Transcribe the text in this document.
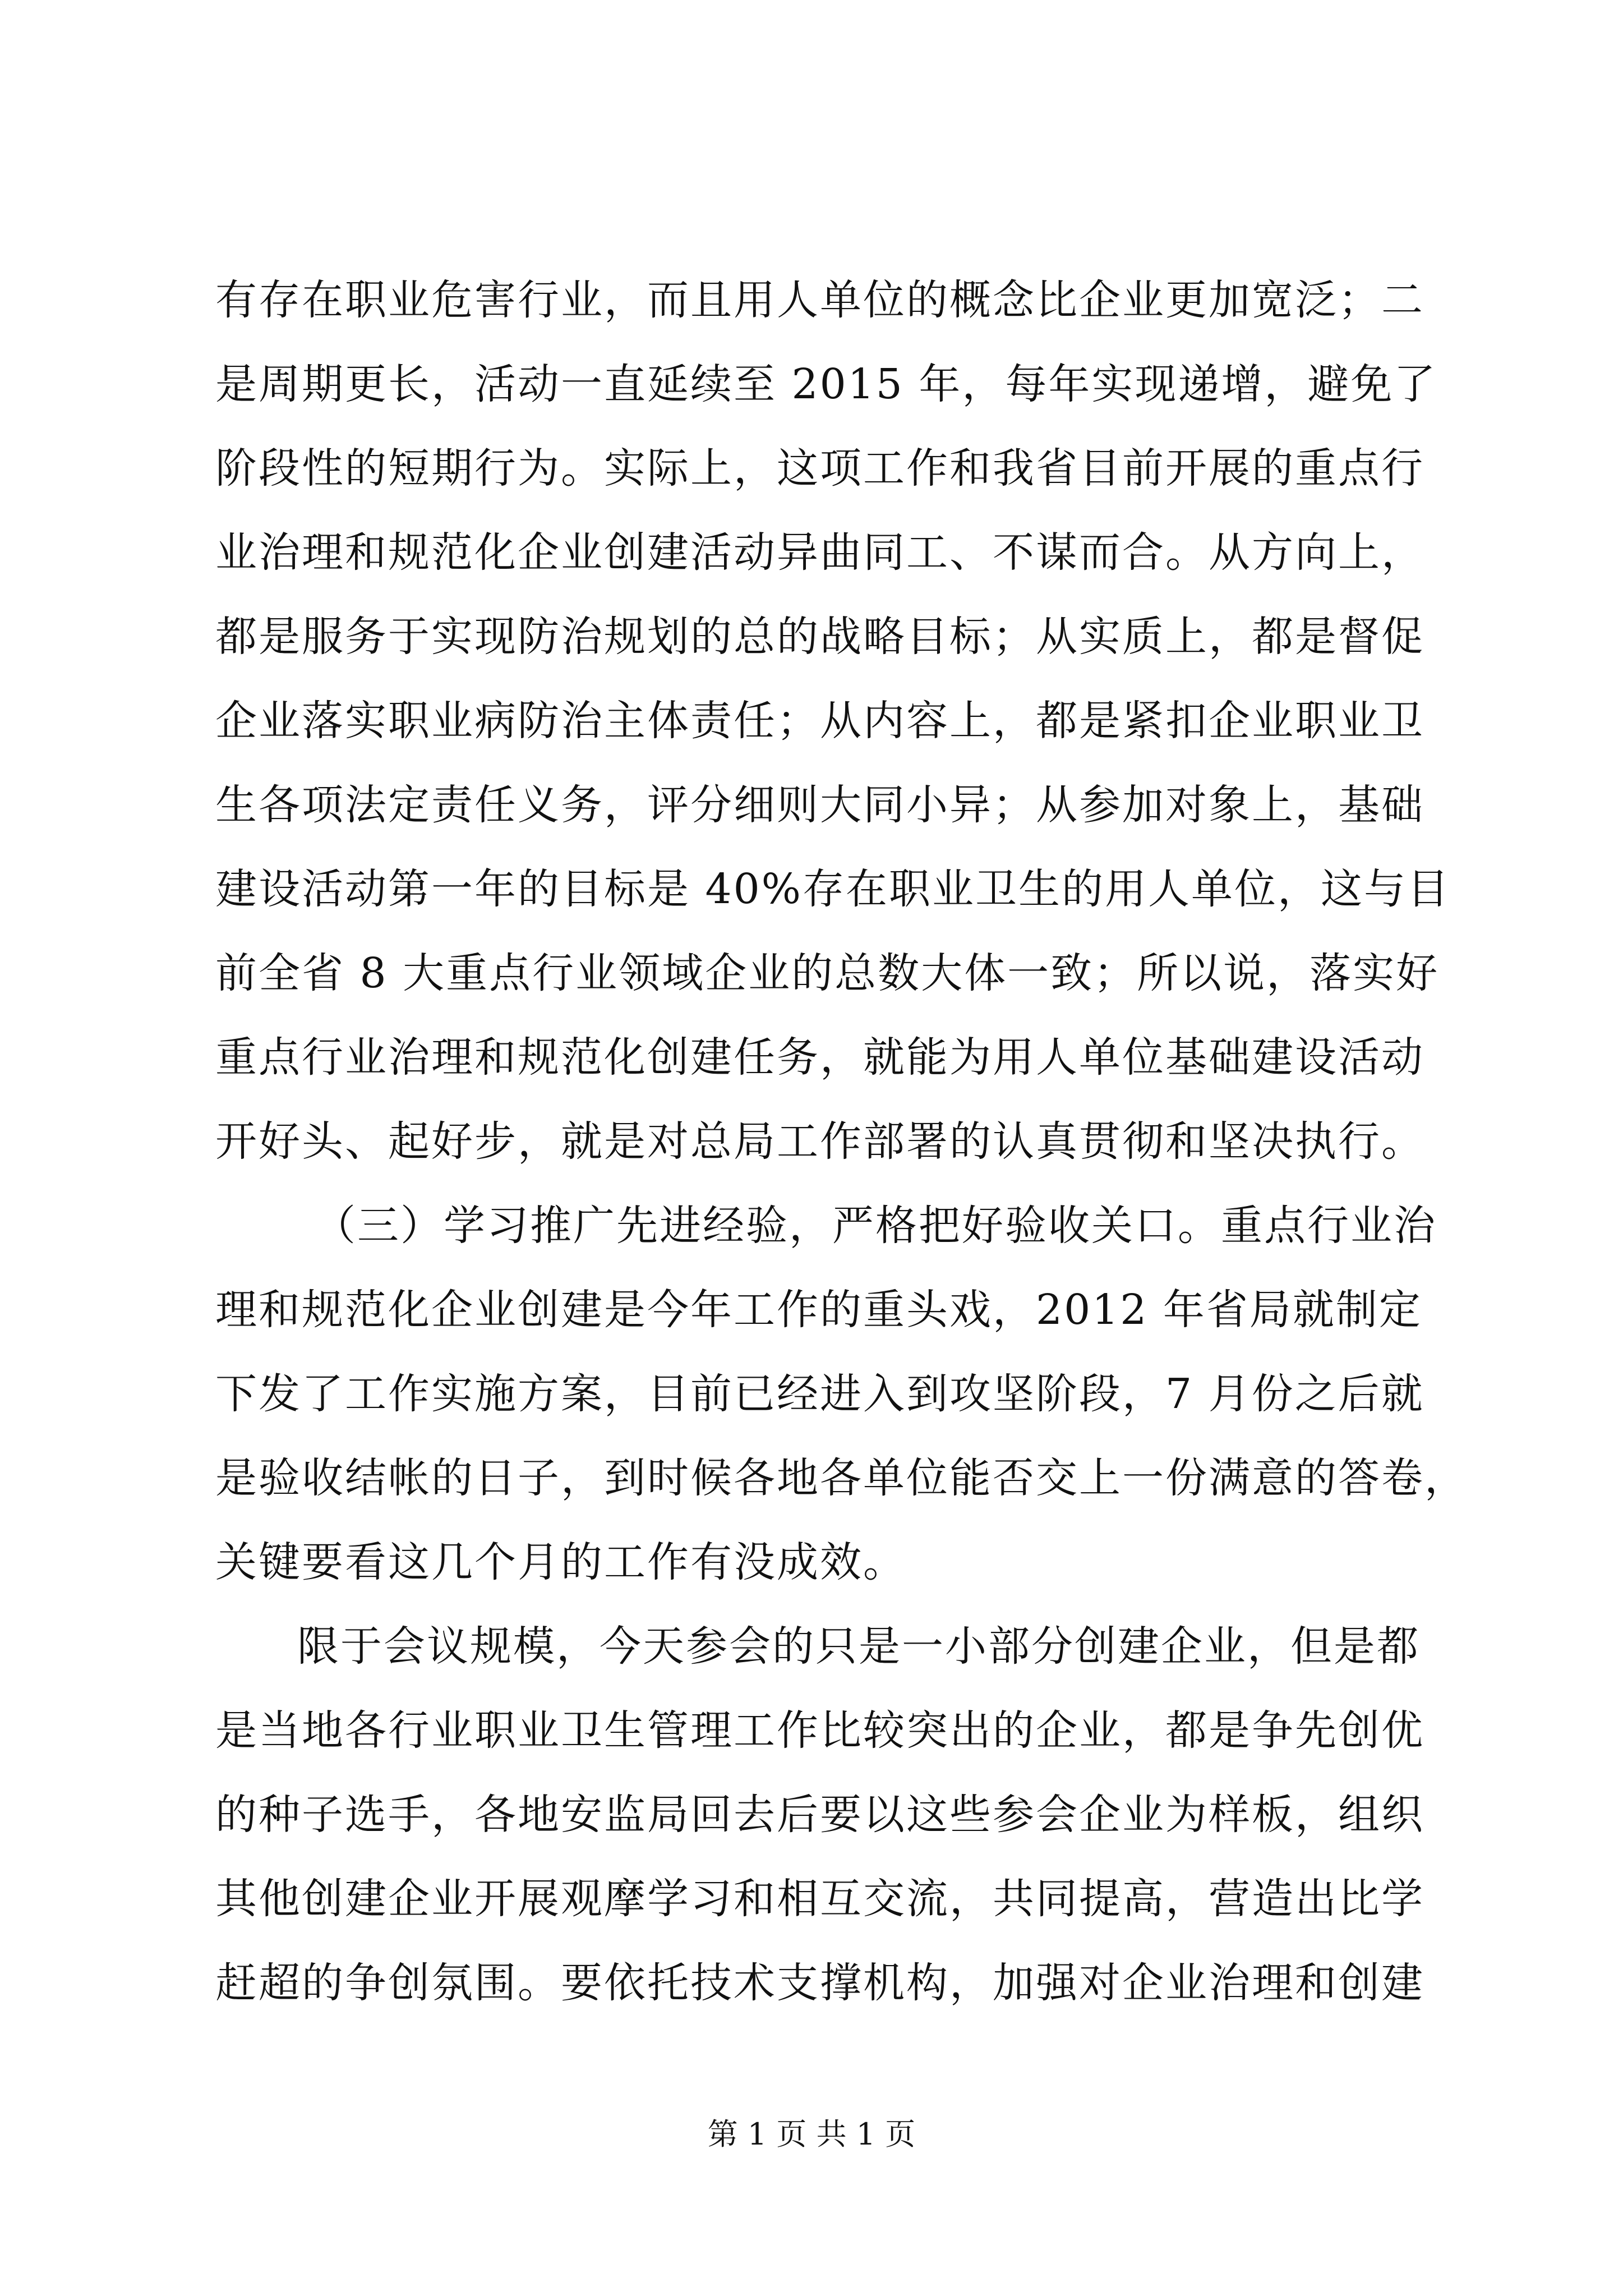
有存在职业危害行业，而且用人单位的概念比企业更加宽泛；二
是周期更长，活动一直延续至 2015 年，每年实现递增，避免了
阶段性的短期行为。实际上，这项工作和我省目前开展的重点行
业治理和规范化企业创建活动异曲同工、不谋而合。从方向上，
都是服务于实现防治规划的总的战略目标；从实质上，都是督促
企业落实职业病防治主体责任；从内容上，都是紧扣企业职业卫
生各项法定责任义务，评分细则大同小异；从参加对象上，基础
建设活动第一年的目标是 40%存在职业卫生的用人单位，这与目
前全省 8 大重点行业领域企业的总数大体一致；所以说，落实好
重点行业治理和规范化创建任务，就能为用人单位基础建设活动
开好头、起好步，就是对总局工作部署的认真贯彻和坚决执行。
（三）学习推广先进经验，严格把好验收关口。重点行业治
理和规范化企业创建是今年工作的重头戏，2012 年省局就制定
下发了工作实施方案，目前已经进入到攻坚阶段，7 月份之后就
是验收结帐的日子，到时候各地各单位能否交上一份满意的答卷，
关键要看这几个月的工作有没成效。
限于会议规模，今天参会的只是一小部分创建企业，但是都
是当地各行业职业卫生管理工作比较突出的企业，都是争先创优
的种子选手，各地安监局回去后要以这些参会企业为样板，组织
其他创建企业开展观摩学习和相互交流，共同提高，营造出比学
赶超的争创氛围。要依托技术支撑机构，加强对企业治理和创建
第 1 页 共 1 页
